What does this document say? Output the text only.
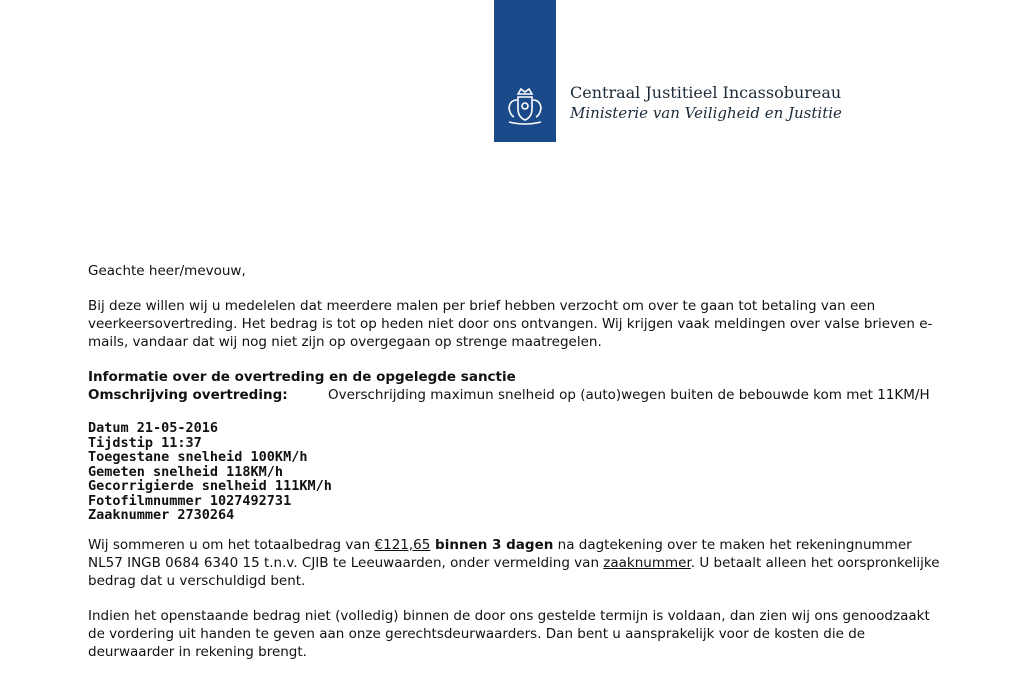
Centraal Justitieel Incassobureau
Ministerie van Veiligheid en Justitie

Geachte heer/mevouw,

Bij deze willen wij u medelelen dat meerdere malen per brief hebben verzocht om over te gaan tot betaling van een veerkeersovertreding. Het bedrag is tot op heden niet door ons ontvangen. Wij krijgen vaak meldingen over valse brieven e-mails, vandaar dat wij nog niet zijn op overgegaan op strenge maatregelen.

Informatie over de overtreding en de opgelegde sanctie

Omschrijving overtreding:	Overschrijding maximun snelheid op (auto)wegen buiten de bebouwde kom met 11KM/H

Datum 21-05-2016
Tijdstip 11:37
Toegestane snelheid 100KM/h
Gemeten snelheid 118KM/h
Gecorrigierde snelheid 111KM/h
Fotofilmnummer 1027492731
Zaaknummer 2730264

Wij sommeren u om het totaalbedrag van €121,65 binnen 3 dagen na dagtekening over te maken het rekeningnummer NL57 INGB 0684 6340 15 t.n.v. CJIB te Leeuwaarden, onder vermelding van zaaknummer. U betaalt alleen het oorspronkelijke bedrag dat u verschuldigd bent.

Indien het openstaande bedrag niet (volledig) binnen de door ons gestelde termijn is voldaan, dan zien wij ons genoodzaakt de vordering uit handen te geven aan onze gerechtsdeurwaarders. Dan bent u aansprakelijk voor de kosten die de deurwaarder in rekening brengt.
